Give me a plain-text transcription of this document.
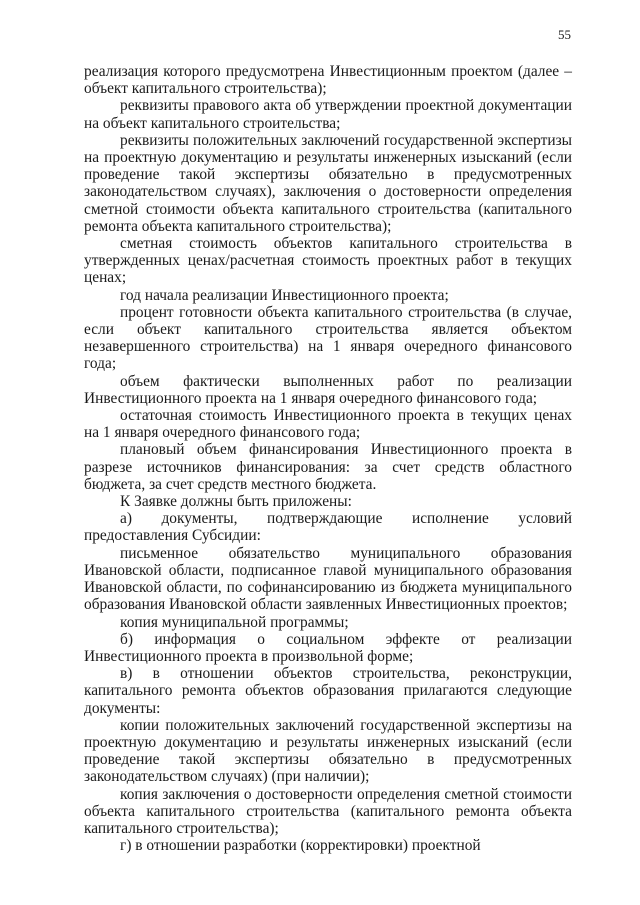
55

реализация которого предусмотрена Инвестиционным проектом (далее – объект капитального строительства);

реквизиты правового акта об утверждении проектной документации на объект капитального строительства;

реквизиты положительных заключений государственной экспертизы на проектную документацию и результаты инженерных изысканий (если проведение такой экспертизы обязательно в предусмотренных законодательством случаях), заключения о достоверности определения сметной стоимости объекта капитального строительства (капитального ремонта объекта капитального строительства);

сметная стоимость объектов капитального строительства в утвержденных ценах/расчетная стоимость проектных работ в текущих ценах;

год начала реализации Инвестиционного проекта;

процент готовности объекта капитального строительства (в случае, если объект капитального строительства является объектом незавершенного строительства) на 1 января очередного финансового года;

объем фактически выполненных работ по реализации Инвестиционного проекта на 1 января очередного финансового года;

остаточная стоимость Инвестиционного проекта в текущих ценах на 1 января очередного финансового года;

плановый объем финансирования Инвестиционного проекта в разрезе источников финансирования: за счет средств областного бюджета, за счет средств местного бюджета.

К Заявке должны быть приложены:

а) документы, подтверждающие исполнение условий предоставления Субсидии:

письменное обязательство муниципального образования Ивановской области, подписанное главой муниципального образования Ивановской области, по софинансированию из бюджета муниципального образования Ивановской области заявленных Инвестиционных проектов;

копия муниципальной программы;

б) информация о социальном эффекте от реализации Инвестиционного проекта в произвольной форме;

в) в отношении объектов строительства, реконструкции, капитального ремонта объектов образования прилагаются следующие документы:

копии положительных заключений государственной экспертизы на проектную документацию и результаты инженерных изысканий (если проведение такой экспертизы обязательно в предусмотренных законодательством случаях) (при наличии);

копия заключения о достоверности определения сметной стоимости объекта капитального строительства (капитального ремонта объекта капитального строительства);

г) в отношении разработки (корректировки) проектной
